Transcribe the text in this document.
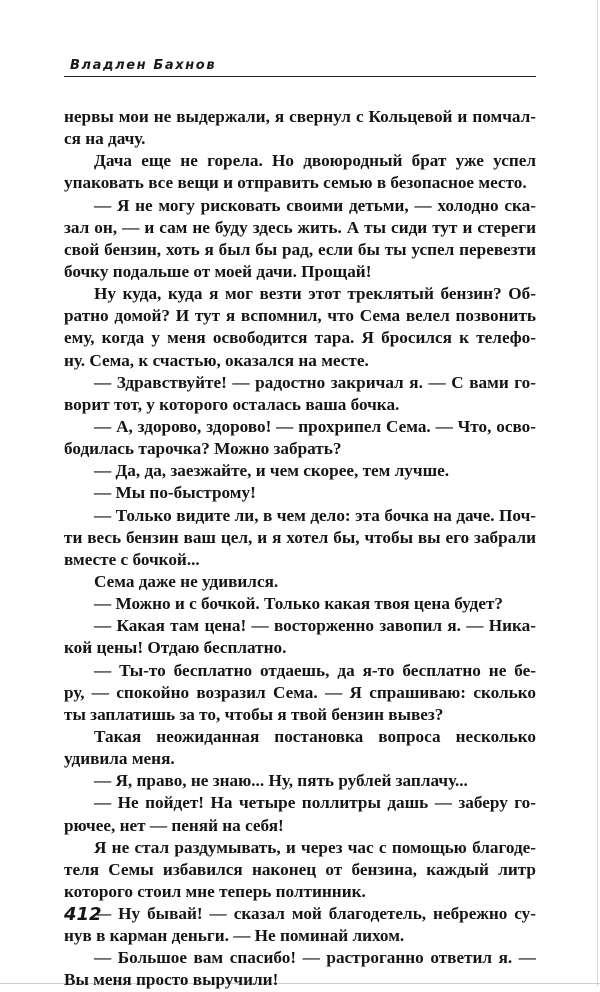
Владлен Бахнов
нервы мои не выдержали, я свернул с Кольцевой и помчал-
ся на дачу.
Дача еще не горела. Но двоюродный брат уже успел
упаковать все вещи и отправить семью в безопасное место.
— Я не могу рисковать своими детьми, — холодно ска-
зал он, — и сам не буду здесь жить. А ты сиди тут и стереги
свой бензин, хоть я был бы рад, если бы ты успел перевезти
бочку подальше от моей дачи. Прощай!
Ну куда, куда я мог везти этот треклятый бензин? Об-
ратно домой? И тут я вспомнил, что Сема велел позвонить
ему, когда у меня освободится тара. Я бросился к телефо-
ну. Сема, к счастью, оказался на месте.
— Здравствуйте! — радостно закричал я. — С вами го-
ворит тот, у которого осталась ваша бочка.
— А, здорово, здорово! — прохрипел Сема. — Что, осво-
бодилась тарочка? Можно забрать?
— Да, да, заезжайте, и чем скорее, тем лучше.
— Мы по-быстрому!
— Только видите ли, в чем дело: эта бочка на даче. Поч-
ти весь бензин ваш цел, и я хотел бы, чтобы вы его забрали
вместе с бочкой...
Сема даже не удивился.
— Можно и с бочкой. Только какая твоя цена будет?
— Какая там цена! — восторженно завопил я. — Ника-
кой цены! Отдаю бесплатно.
— Ты-то бесплатно отдаешь, да я-то бесплатно не бе-
ру, — спокойно возразил Сема. — Я спрашиваю: сколько
ты заплатишь за то, чтобы я твой бензин вывез?
Такая неожиданная постановка вопроса несколько
удивила меня.
— Я, право, не знаю... Ну, пять рублей заплачу...
— Не пойдет! На четыре поллитры дашь — заберу го-
рючее, нет — пеняй на себя!
Я не стал раздумывать, и через час с помощью благоде-
теля Семы избавился наконец от бензина, каждый литр
которого стоил мне теперь полтинник.
— Ну бывай! — сказал мой благодетель, небрежно су-
нув в карман деньги. — Не поминай лихом.
— Большое вам спасибо! — растроганно ответил я. —
Вы меня просто выручили!
412
